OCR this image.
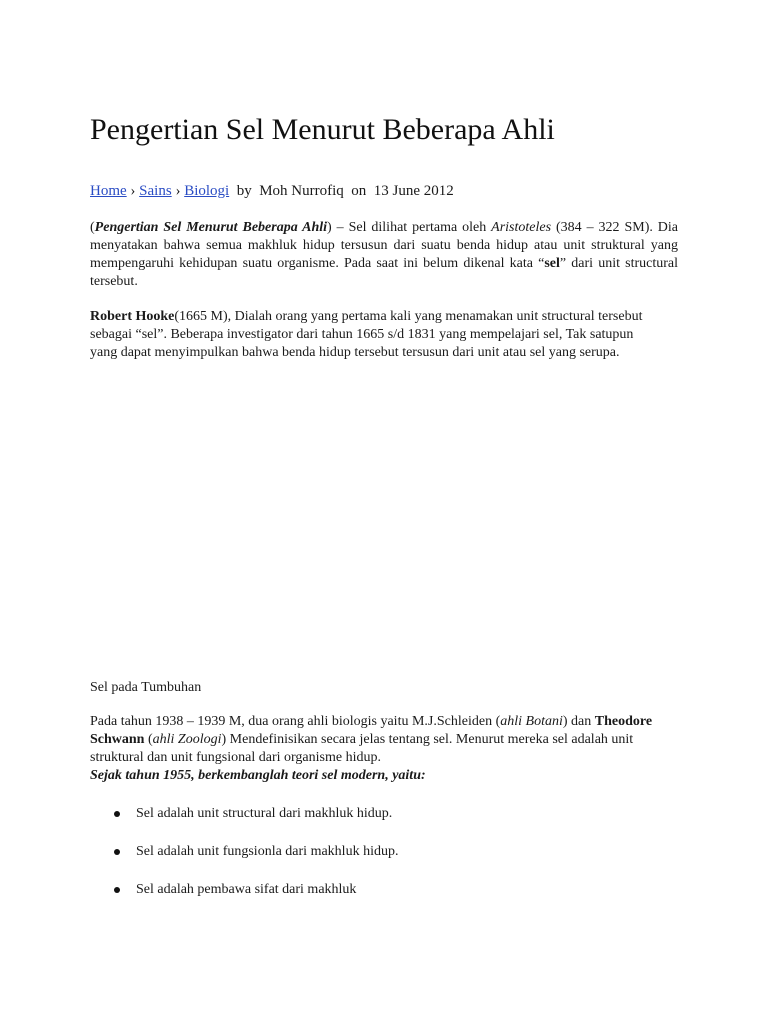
Pengertian Sel Menurut Beberapa Ahli
Home › Sains › Biologi by Moh Nurrofiq on 13 June 2012

(Pengertian Sel Menurut Beberapa Ahli) – Sel dilihat pertama oleh Aristoteles (384 – 322 SM). Dia menyatakan bahwa semua makhluk hidup tersusun dari suatu benda hidup atau unit struktural yang mempengaruhi kehidupan suatu organisme. Pada saat ini belum dikenal kata “sel” dari unit structural tersebut.

Robert Hooke(1665 M), Dialah orang yang pertama kali yang menamakan unit structural tersebut sebagai “sel”. Beberapa investigator dari tahun 1665 s/d 1831 yang mempelajari sel, Tak satupun yang dapat menyimpulkan bahwa benda hidup tersebut tersusun dari unit atau sel yang serupa.

Sel pada Tumbuhan

Pada tahun 1938 – 1939 M, dua orang ahli biologis yaitu M.J.Schleiden (ahli Botani) dan Theodore Schwann (ahli Zoologi) Mendefinisikan secara jelas tentang sel. Menurut mereka sel adalah unit struktural dan unit fungsional dari organisme hidup.

Sejak tahun 1955, berkembanglah teori sel modern, yaitu:

Sel adalah unit structural dari makhluk hidup.
Sel adalah unit fungsionla dari makhluk hidup.
Sel adalah pembawa sifat dari makhluk
